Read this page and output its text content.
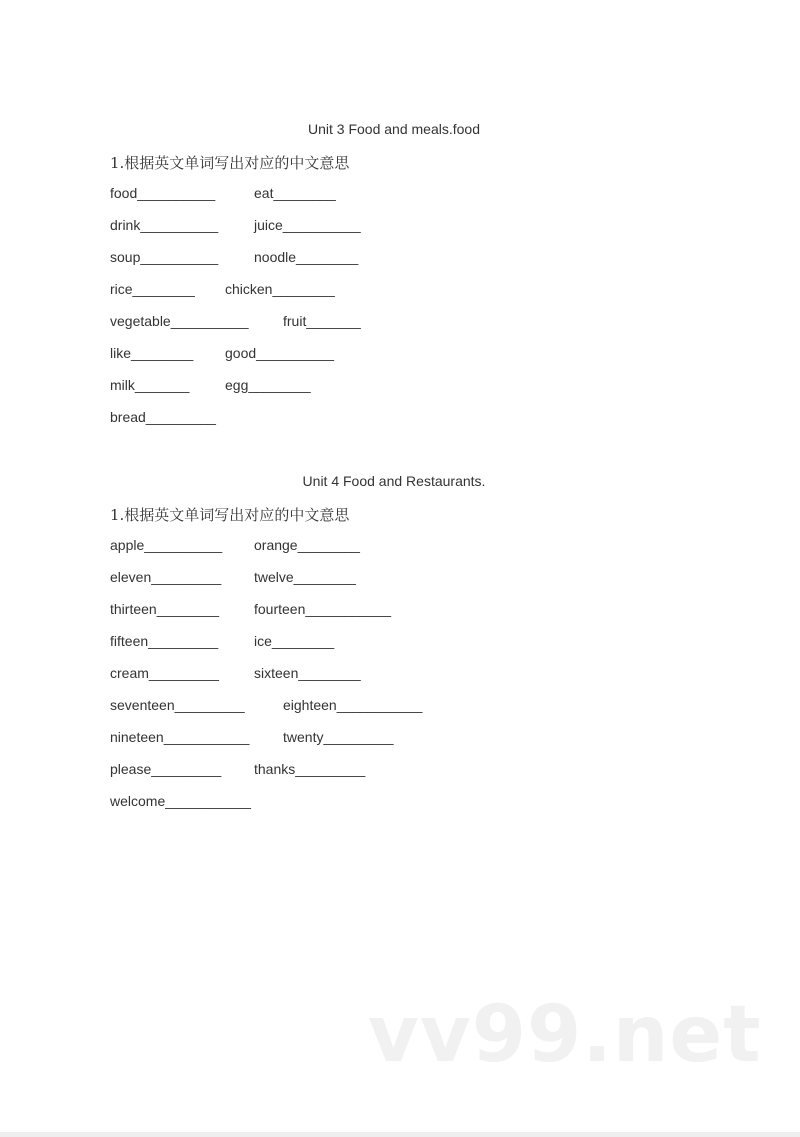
Unit 3 Food and meals.food
1.根据英文单词写出对应的中文意思
food__________	eat________
drink__________	juice__________
soup__________	noodle________
rice________ chicken________
vegetable__________ fruit_______
like________ good__________
milk_______	egg________
bread_________
Unit 4 Food and Restaurants.
1.根据英文单词写出对应的中文意思
apple__________ orange________
eleven_________ twelve________
thirteen________	fourteen___________
fifteen_________	ice________
cream_________	sixteen________
seventeen_________	eighteen___________
nineteen___________ twenty_________
please_________ thanks_________
welcome___________
vv99.net
